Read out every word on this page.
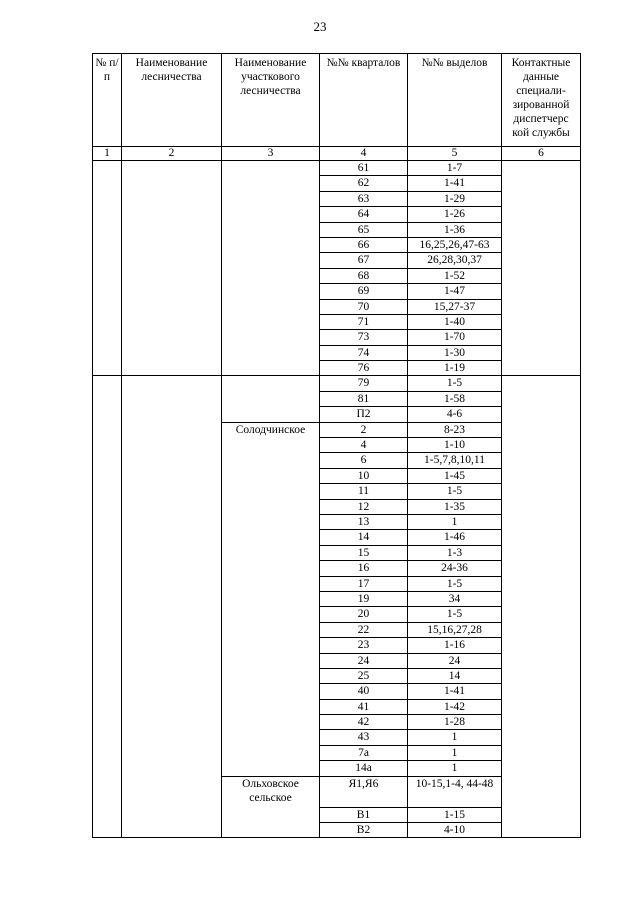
23
№ п/п	Наименование лесничества	Наименование участкового лесничества	№№ кварталов	№№ выделов	Контактные данные специали- зированной диспетчерс кой службы
1	2	3	4	5	6
			61	1-7	
			62	1-41	
			63	1-29	
			64	1-26	
			65	1-36	
			66	16,25,26,47-63	
			67	26,28,30,37	
			68	1-52	
			69	1-47	
			70	15,27-37	
			71	1-40	
			73	1-70	
			74	1-30	
			76	1-19	
			79	1-5	
			81	1-58	
			П2	4-6	
		Солодчинское	2	8-23	
			4	1-10	
			6	1-5,7,8,10,11	
			10	1-45	
			11	1-5	
			12	1-35	
			13	1	
			14	1-46	
			15	1-3	
			16	24-36	
			17	1-5	
			19	34	
			20	1-5	
			22	15,16,27,28	
			23	1-16	
			24	24	
			25	14	
			40	1-41	
			41	1-42	
			42	1-28	
			43	1	
			7а	1	
			14а	1	
		Ольховское сельское	Я1,Я6	10-15,1-4, 44-48	
			В1	1-15	
			В2	4-10	
